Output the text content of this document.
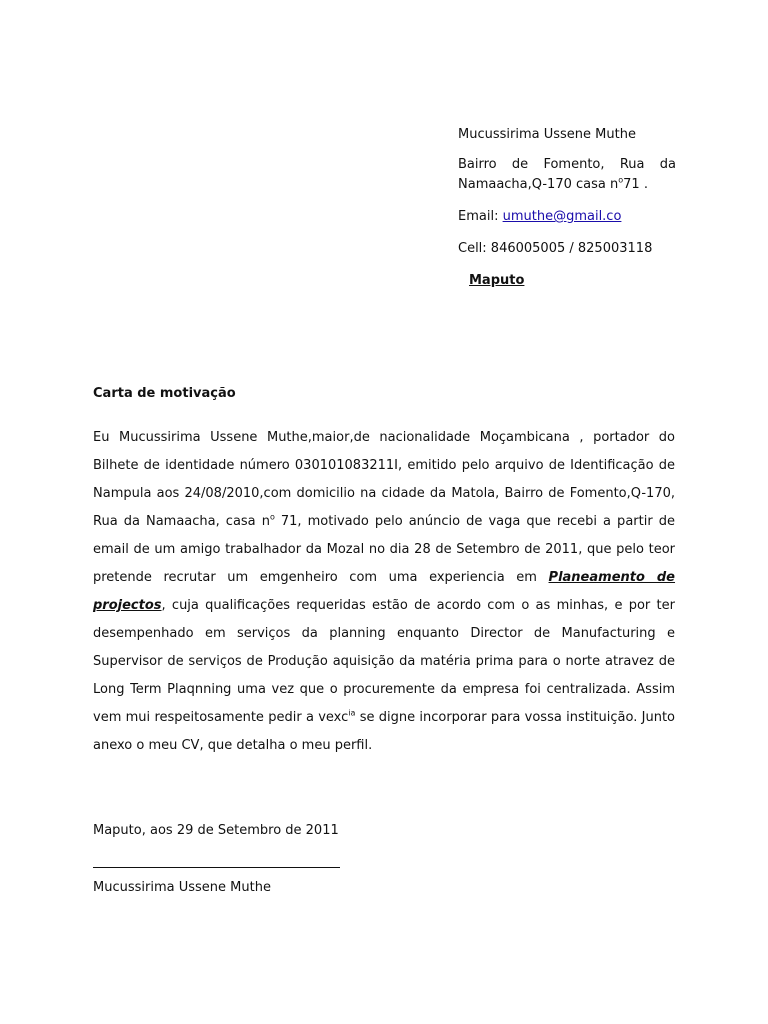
Mucussirima Ussene Muthe

Bairro de Fomento, Rua da

Namaacha,Q-170 casa $n^o71$ .

Email: umuthe@gmail.co

Cell: 846005005 / 825003118

Maputo

Carta de motivação

Eu Mucussirima Ussene Muthe,maior,de nacionalidade Moçambicana , portador do Bilhete de identidade número 030101083211I, emitido pelo arquivo de Identificação de Nampula aos 24/08/2010,com domicilio na cidade da Matola, Bairro de Fomento,Q-170, Rua da Namaacha, casa $n^o$ 71, motivado pelo anúncio de vaga que recebi a partir de email de um amigo trabalhador da Mozal no dia 28 de Setembro de 2011, que pelo teor pretende recrutar um emgenheiro com uma experiencia em Planeamento de projectos, cuja qualificações requeridas estão de acordo com o as minhas, e por ter desempenhado em serviços da planning enquanto Director de Manufacturing e Supervisor de serviços de Produção aquisição da matéria prima para o norte atravez de Long Term Plaqnning uma vez que o procuremente da empresa foi centralizada. Assim vem mui respeitosamente pedir a vexc$^{ia}$ se digne incorporar para vossa instituição. Junto anexo o meu CV, que detalha o meu perfil.

Maputo, aos 29 de Setembro de 2011
Mucussirima Ussene Muthe
